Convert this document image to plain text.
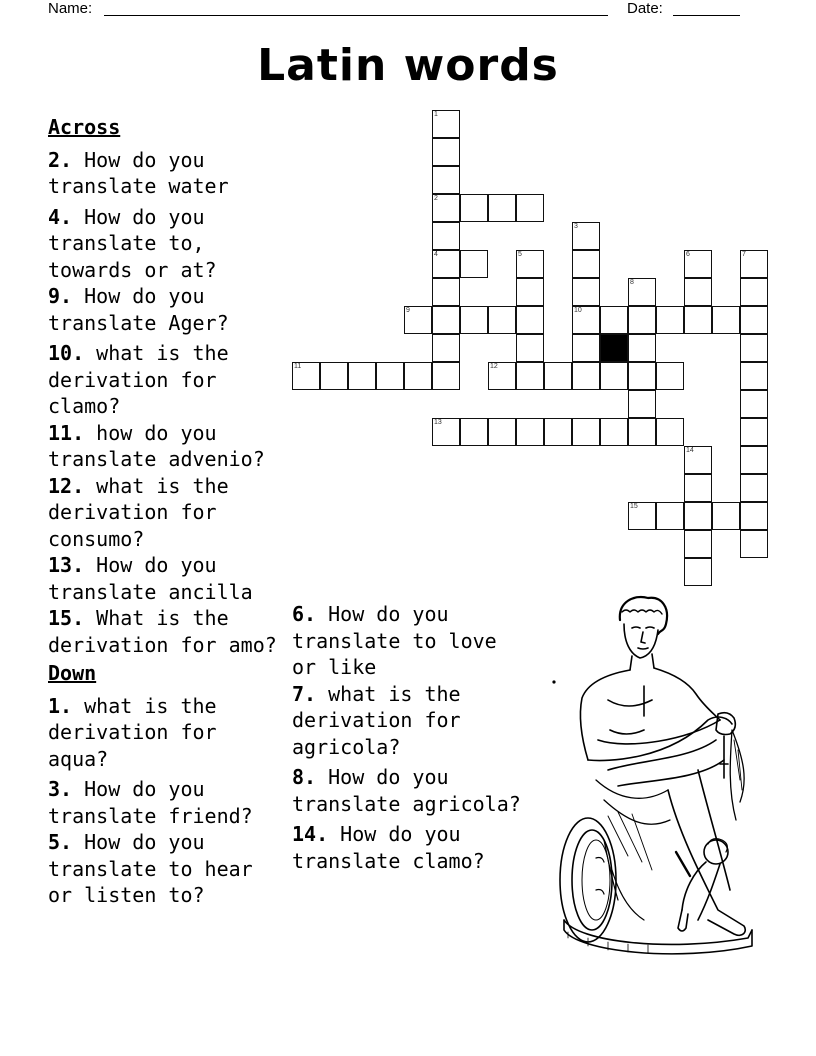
Name:	Date:
Latin words
Across
2. How do you translate water
4. How do you translate to, towards or at?
9. How do you translate Ager?
10. what is the derivation for clamo?
11. how do you translate advenio?
12. what is the derivation for consumo?
13. How do you translate ancilla
15. What is the derivation for amo?
Down
1. what is the derivation for aqua?
3. How do you translate friend?
5. How do you translate to hear or listen to?
6. How do you translate to love or like
7. what is the derivation for agricola?
8. How do you translate agricola?
14. How do you translate clamo?
1
2
4
3
10
5	6	7
8
9
11	12
13
14
15
